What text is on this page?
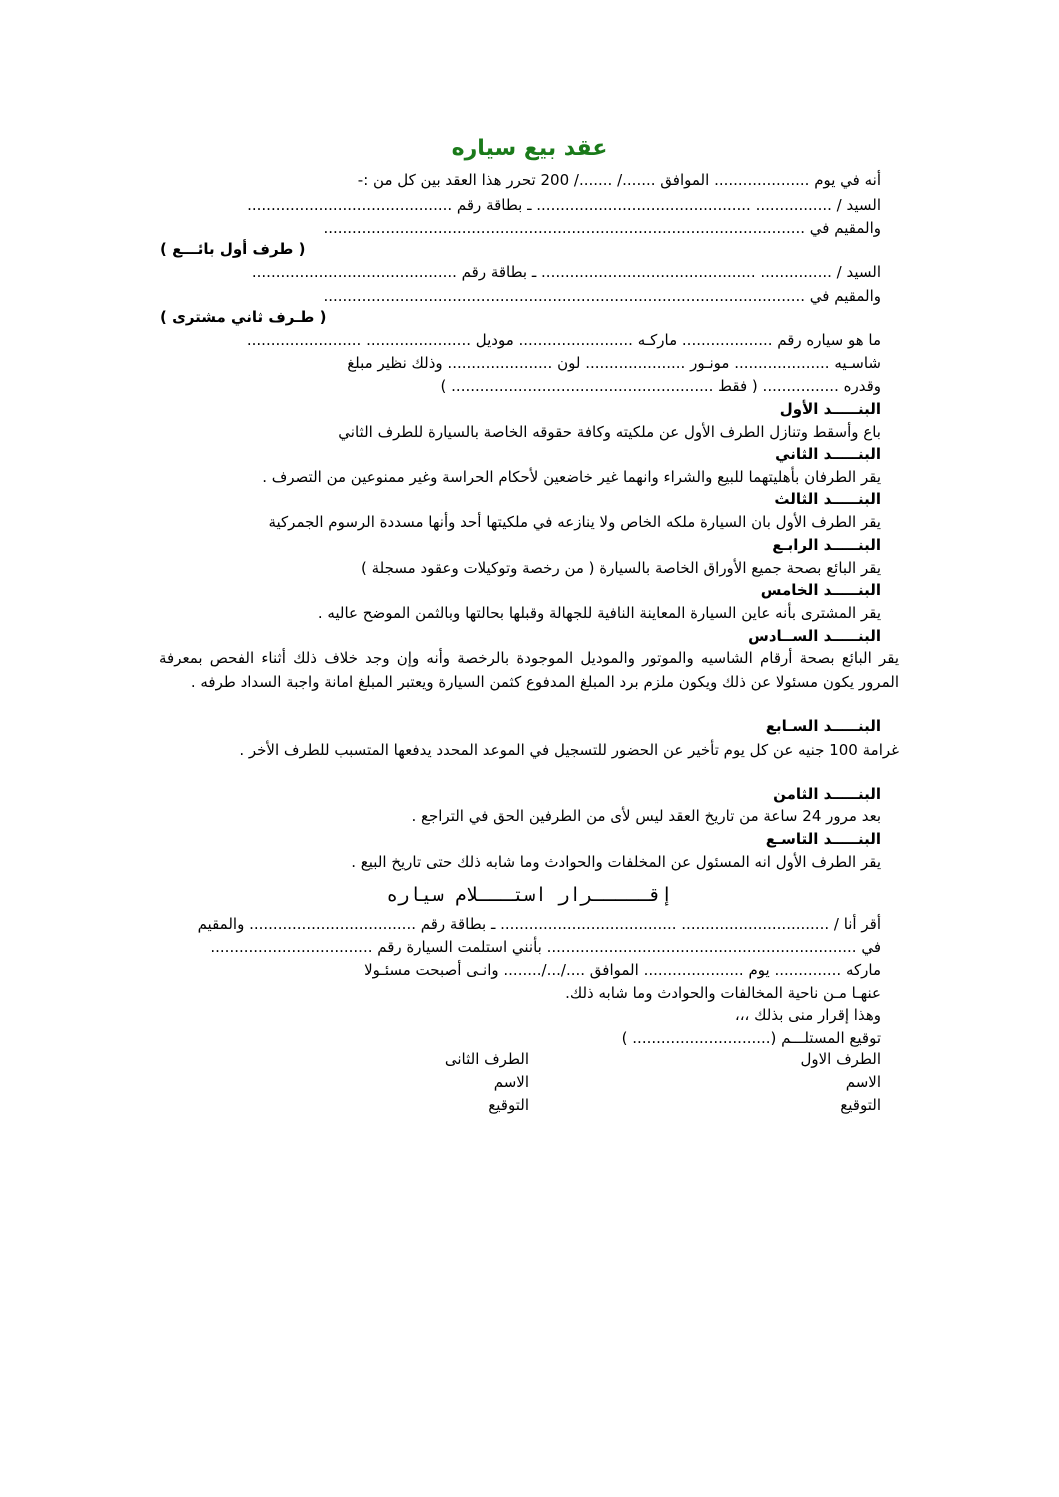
عقد بيع سياره
أنه في يوم .................... الموافق ......./ ......./ 200 تحرر هذا العقد بين كل من :-
السيد / ................ ............................................. ـ بطاقة رقم ...........................................
والمقيم في .....................................................................................................
( طرف أول بائـــع )
السيد / ............... ............................................. ـ بطاقة رقم ...........................................
والمقيم في .....................................................................................................
( طـرف ثاني مشترى )
ما هو سياره رقم ................... ماركـه ........................ موديل ...................... ........................
شاسـيه .................... مونـور ..................... لون ...................... وذلك نظير مبلغ
وقدره ................ ( فقط ....................................................... )
البنـــــد الأول
باع وأسقط وتنازل الطرف الأول عن ملكيته وكافة حقوقه الخاصة بالسيارة للطرف الثاني
البنـــــد الثاني
يقر الطرفان بأهليتهما للبيع والشراء وانهما غير خاضعين لأحكام الحراسة وغير ممنوعين من التصرف .
البنـــــد الثالث
يقر الطرف الأول بان السيارة ملكه الخاص ولا ينازعه في ملكيتها أحد وأنها مسددة الرسوم الجمركية
البنـــــد الرابـع
يقر البائع بصحة جميع الأوراق الخاصة بالسيارة ( من رخصة وتوكيلات وعقود مسجلة )
البنـــــد الخامس
يقر المشترى بأنه عاين السيارة المعاينة النافية للجهالة وقبلها بحالتها وبالثمن الموضح عاليه .
البنـــــد الســادس
يقر البائع بصحة أرقام الشاسيه والموتور والموديل الموجودة بالرخصة وأنه وإن وجد خلاف ذلك أثناء الفحص بمعرفة المرور يكون مسئولا عن ذلك ويكون ملزم برد المبلغ المدفوع كثمن السيارة ويعتبر المبلغ امانة واجبة السداد طرفه .
البنـــــد السـابع
غرامة 100 جنيه عن كل يوم تأخير عن الحضور للتسجيل في الموعد المحدد يدفعها المتسبب للطرف الأخر .
البنـــــد الثامن
بعد مرور 24 ساعة من تاريخ العقد ليس لأى من الطرفين الحق في التراجع .
البنـــــد التاسـع
يقر الطرف الأول انه المسئول عن المخلفات والحوادث وما شابه ذلك حتى تاريخ البيع .
إقـــــرار استـــلام سياره
أقر أنا / ............................... ..................................... ـ بطاقة رقم ................................... والمقيم
في ................................................................. بأنني استلمت السيارة رقم ..................................
ماركه .............. يوم ..................... الموافق ..../.../........ وانـى أصبحت مسئـولا
عنهـا مـن ناحية المخالفات والحوادث وما شابه ذلك.
وهذا إقرار منى بذلك ،،،
توقيع المستلـــم (............................. )
الطرف الاول
الاسم
التوقيع
الطرف الثانى
الاسم
التوقيع
